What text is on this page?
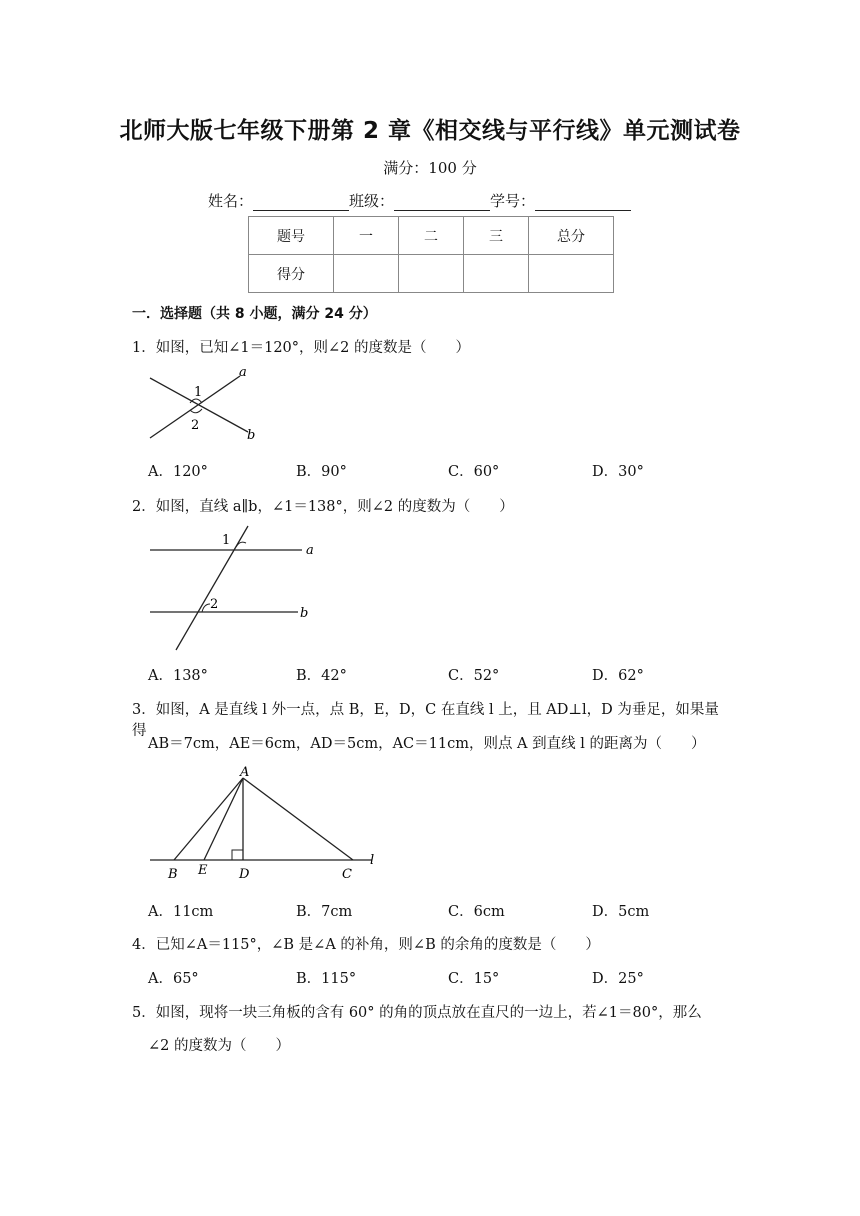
北师大版七年级下册第 2 章《相交线与平行线》单元测试卷
满分：100 分
姓名：	班级：	学号：
题号	一	二	三	总分
得分				
一．选择题（共 8 小题，满分 24 分）
1．如图，已知∠1＝120°，则∠2 的度数是（　　）
1
2
a
b
A．120°	B．90°	C．60°	D．30°
2．如图，直线 a∥b，∠1＝138°，则∠2 的度数为（　　）
1
2
a
b
A．138°	B．42°	C．52°	D．62°
3．如图，A 是直线 l 外一点，点 B，E，D，C 在直线 l 上，且 AD⊥l，D 为垂足，如果量得
AB＝7cm，AE＝6cm，AD＝5cm，AC＝11cm，则点 A 到直线 l 的距离为（　　）
A
B E D	C
l
A．11cm	B．7cm	C．6cm	D．5cm
4．已知∠A＝115°，∠B 是∠A 的补角，则∠B 的余角的度数是（　　）
A．65°	B．115°	C．15°	D．25°
5．如图，现将一块三角板的含有 60° 的角的顶点放在直尺的一边上，若∠1＝80°，那么
∠2 的度数为（　　）
